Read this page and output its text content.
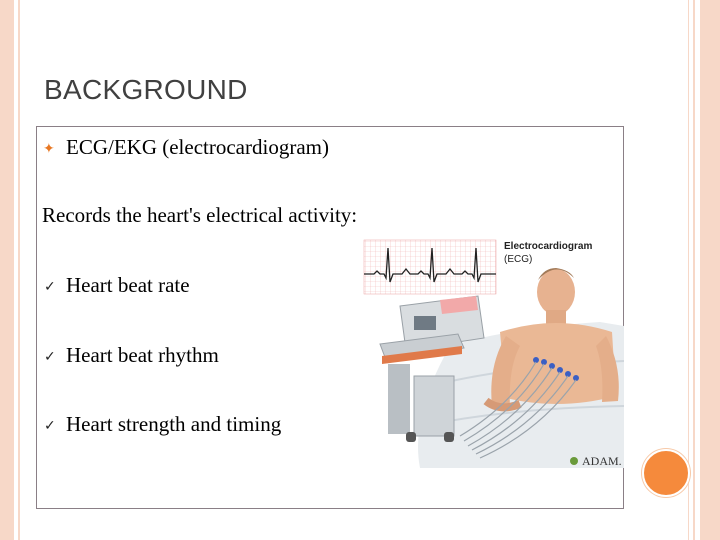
BACKGROUND
✦ ECG/EKG (electrocardiogram)
Records the heart's electrical activity:
✓ Heart beat rate
✓ Heart beat rhythm
✓ Heart strength and timing
Electrocardiogram
(ECG)
ADAM.
